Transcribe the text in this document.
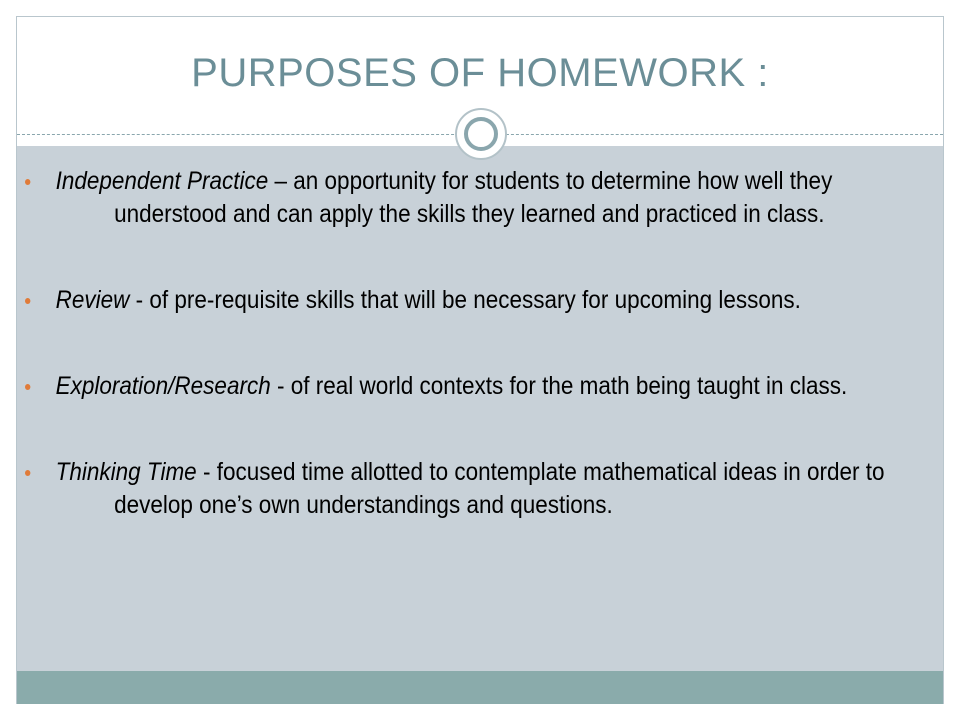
PURPOSES OF HOMEWORK :
Independent Practice – an opportunity for students to determine how well they understood and can apply the skills they learned and practiced in class.
Review - of pre-requisite skills that will be necessary for upcoming lessons.
Exploration/Research - of real world contexts for the math being taught in class.
Thinking Time - focused time allotted to contemplate mathematical ideas in order to develop one’s own understandings and questions.
